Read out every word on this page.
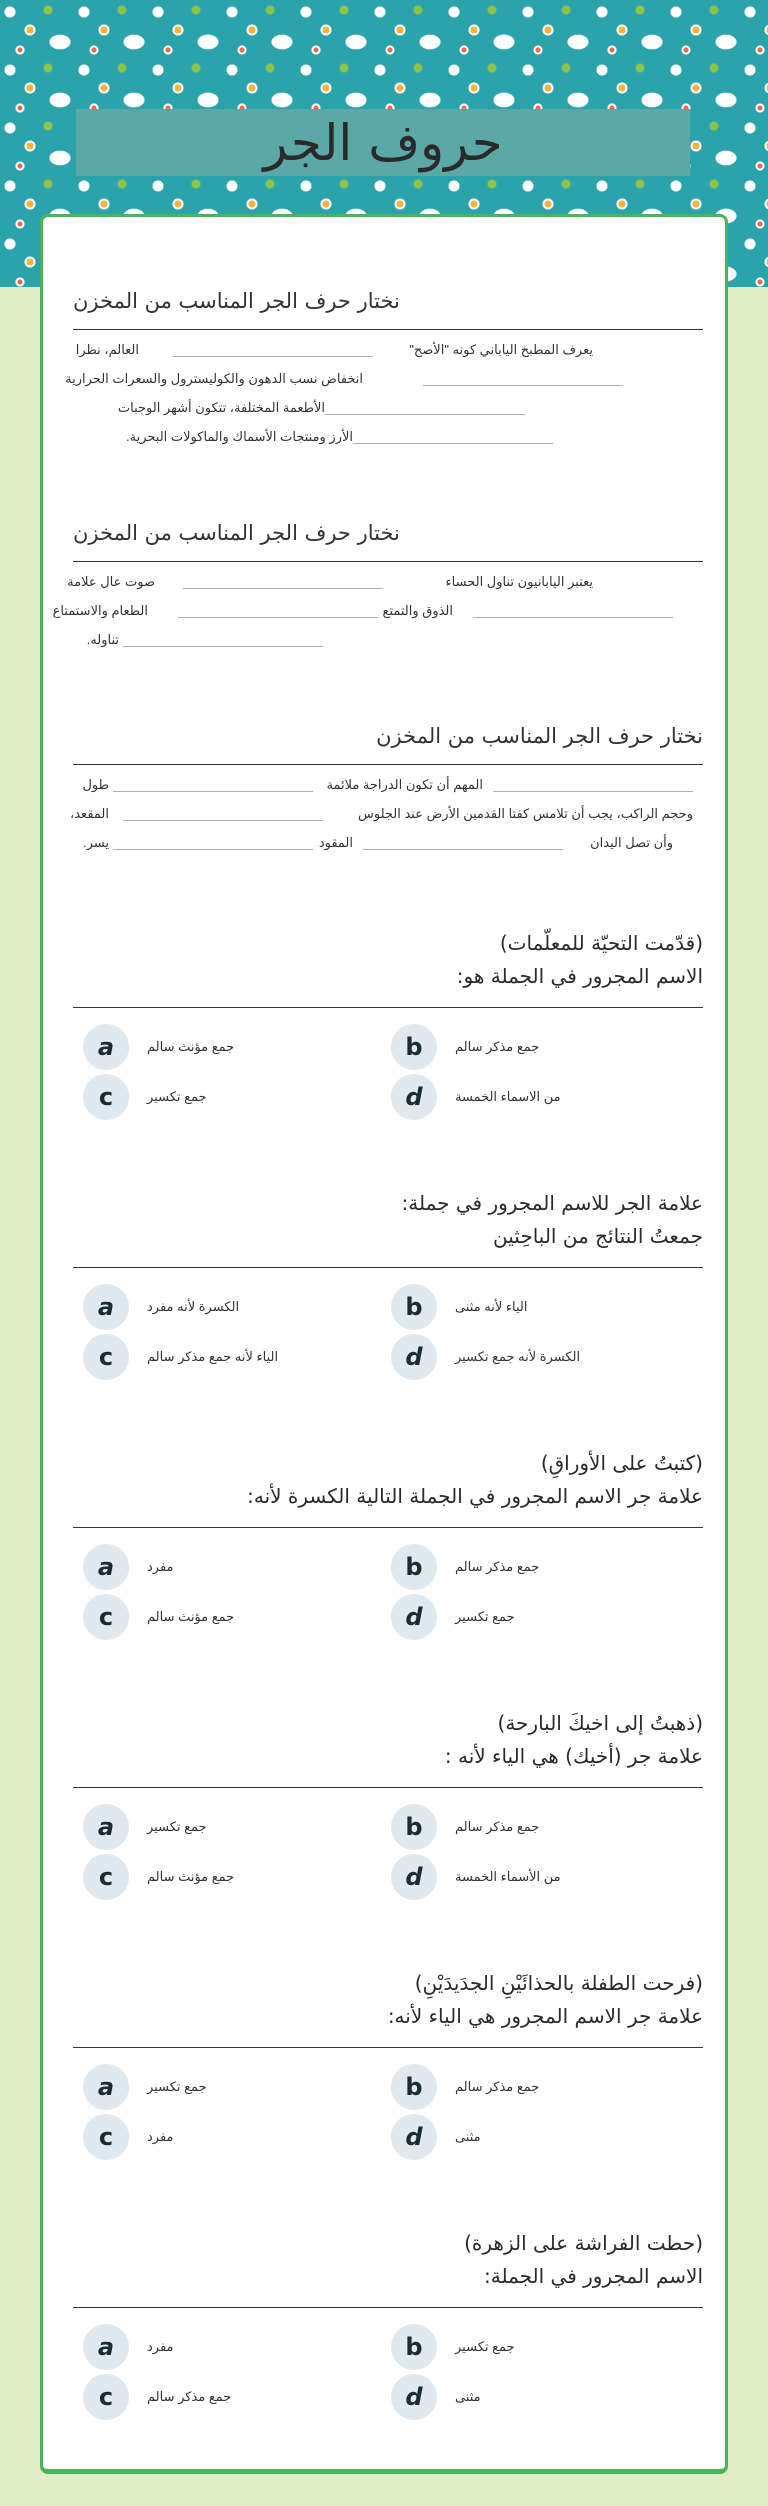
حروف الجر
نختار حرف الجر المناسب من المخزن
يعرف المطبخ الياباني كونه "الأصح"
العالم، نظرا
انخفاض نسب الدهون والكوليسترول والسعرات الحرارية
الأطعمة المختلفة، تتكون أشهر الوجبات
الأرز ومنتجات الأسماك والماكولات البحرية.
نختار حرف الجر المناسب من المخزن
يعتبر اليابانيون تناول الحساء
صوت عال علامة
الذوق والتمتع
الطعام والاستمتاع
تناوله.
نختار حرف الجر المناسب من المخزن
المهم أن تكون الدراجة ملائمة
طول
وحجم الراكب، يجب أن تلامس كفتا القدمين الأرض عند الجلوس
المقعد،
وأن تصل اليدان
المقود
يسر.
(قدّمت التحيّة للمعلّمات)
الاسم المجرور في الجملة هو:
a	جمع مؤنث سالم	b	جمع مذكر سالم
c	جمع تكسير	d	من الاسماء الخمسة
علامة الجر للاسم المجرور في جملة:
جمعتُ النتائج من الباحِثين
a	الكسرة لأنه مفرد	b	الياء لأنه مثنى
c	الياء لأنه جمع مذكر سالم	d	الكسرة لأنه جمع تكسير
(كتبتُ على الأوراقِ)
علامة جر الاسم المجرور في الجملة التالية الكسرة لأنه:
a	مفرد	b	جمع مذكر سالم
c	جمع مؤنث سالم	d	جمع تكسير
(ذهبتُ إلى اخيكَ البارحة)
علامة جر (أخيك) هي الياء لأنه :
a	جمع تكسير	b	جمع مذكر سالم
c	جمع مؤنث سالم	d	من الأسماء الخمسة
(فرحت الطفلة بالحذائَيْنِ الجدَيدَيْنِ)
علامة جر الاسم المجرور هي الياء لأنه:
a	جمع تكسير	b	جمع مذكر سالم
c	مفرد	d	مثنى
(حطت الفراشة على الزهرة)
الاسم المجرور في الجملة:
a	مفرد	b	جمع تكسير
c	جمع مذكر سالم	d	مثنى
